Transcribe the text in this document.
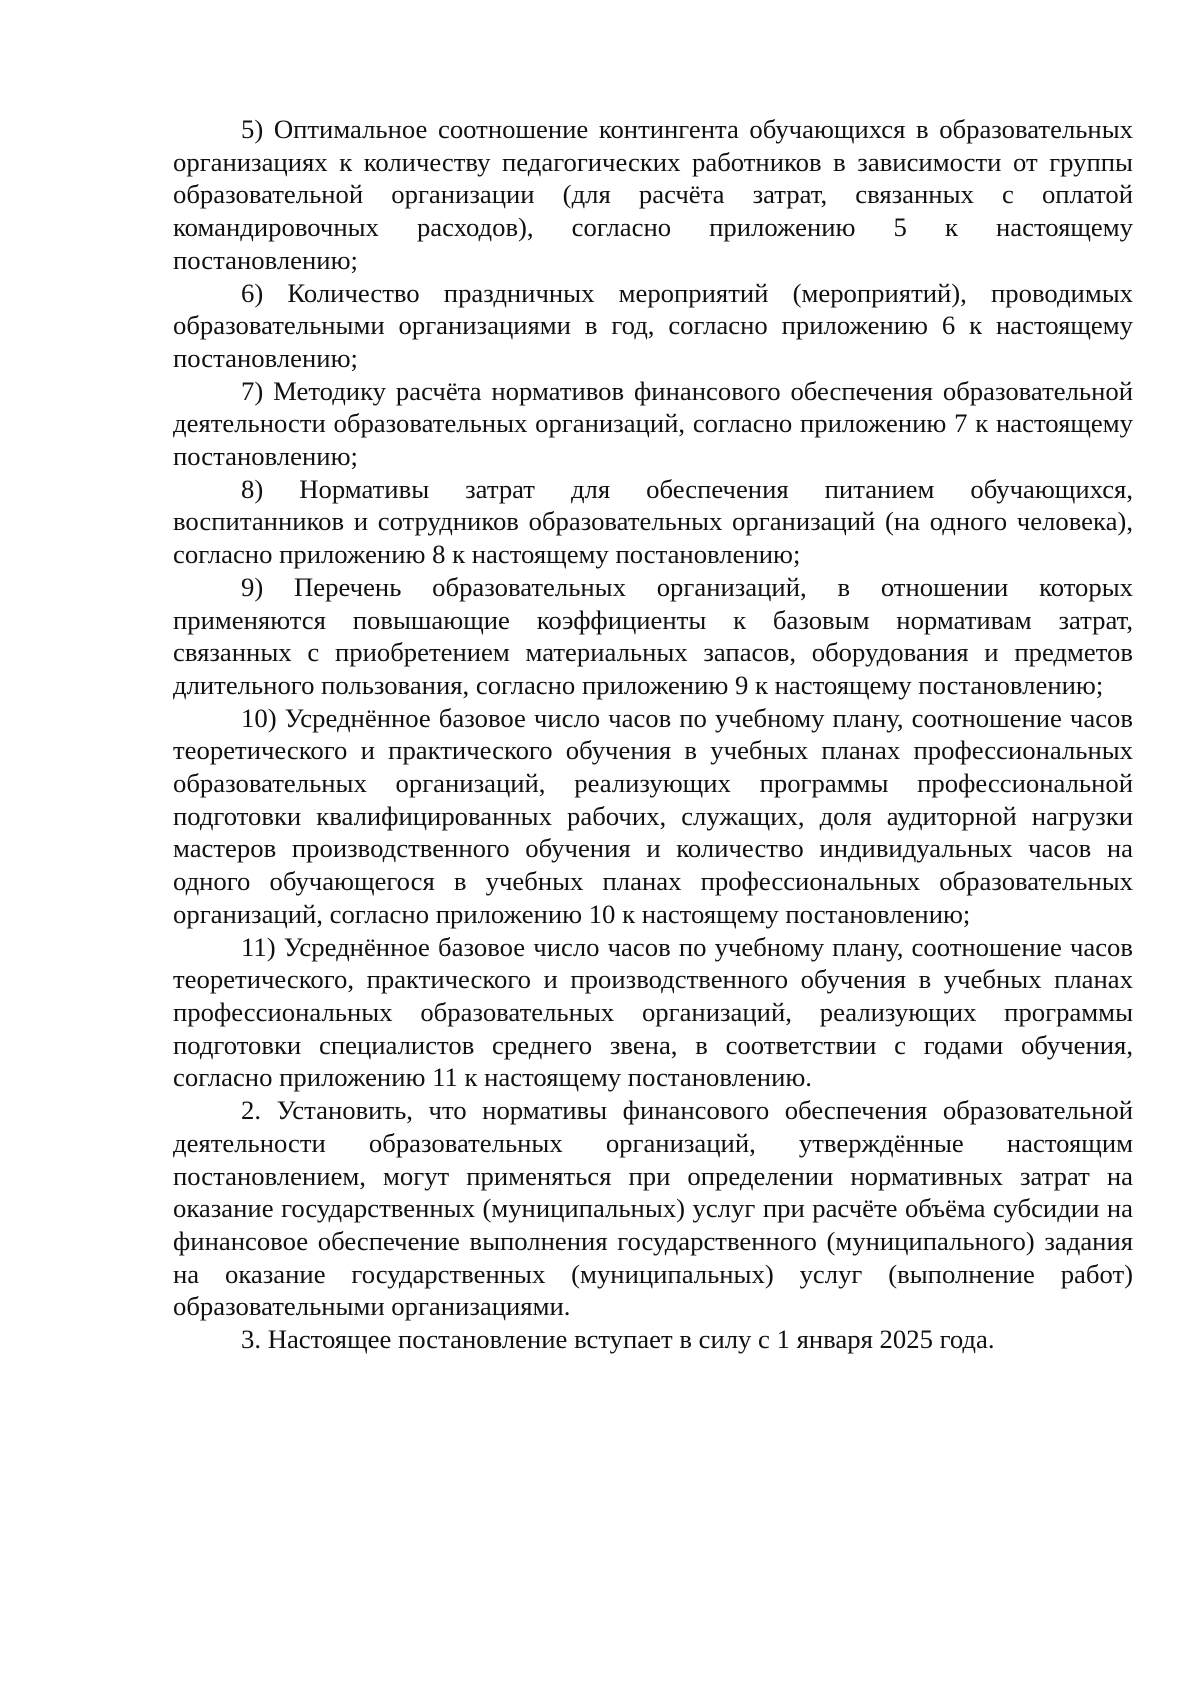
5) Оптимальное соотношение контингента обучающихся в образовательных организациях к количеству педагогических работников в зависимости от группы образовательной организации (для расчёта затрат, связанных с оплатой командировочных расходов), согласно приложению 5 к настоящему постановлению;

6) Количество праздничных мероприятий (мероприятий), проводимых образовательными организациями в год, согласно приложению 6 к настоящему постановлению;

7) Методику расчёта нормативов финансового обеспечения образовательной деятельности образовательных организаций, согласно приложению 7 к настоящему постановлению;

8) Нормативы затрат для обеспечения питанием обучающихся, воспитанников и сотрудников образовательных организаций (на одного человека), согласно приложению 8 к настоящему постановлению;

9) Перечень образовательных организаций, в отношении которых применяются повышающие коэффициенты к базовым нормативам затрат, связанных с приобретением материальных запасов, оборудования и предметов длительного пользования, согласно приложению 9 к настоящему постановлению;

10) Усреднённое базовое число часов по учебному плану, соотношение часов теоретического и практического обучения в учебных планах профессиональных образовательных организаций, реализующих программы профессиональной подготовки квалифицированных рабочих, служащих, доля аудиторной нагрузки мастеров производственного обучения и количество индивидуальных часов на одного обучающегося в учебных планах профессиональных образовательных организаций, согласно приложению 10 к настоящему постановлению;

11) Усреднённое базовое число часов по учебному плану, соотношение часов теоретического, практического и производственного обучения в учебных планах профессиональных образовательных организаций, реализующих программы подготовки специалистов среднего звена, в соответствии с годами обучения, согласно приложению 11 к настоящему постановлению.

2. Установить, что нормативы финансового обеспечения образовательной деятельности образовательных организаций, утверждённые настоящим постановлением, могут применяться при определении нормативных затрат на оказание государственных (муниципальных) услуг при расчёте объёма субсидии на финансовое обеспечение выполнения государственного (муниципального) задания на оказание государственных (муниципальных) услуг (выполнение работ) образовательными организациями.

3. Настоящее постановление вступает в силу с 1 января 2025 года.
